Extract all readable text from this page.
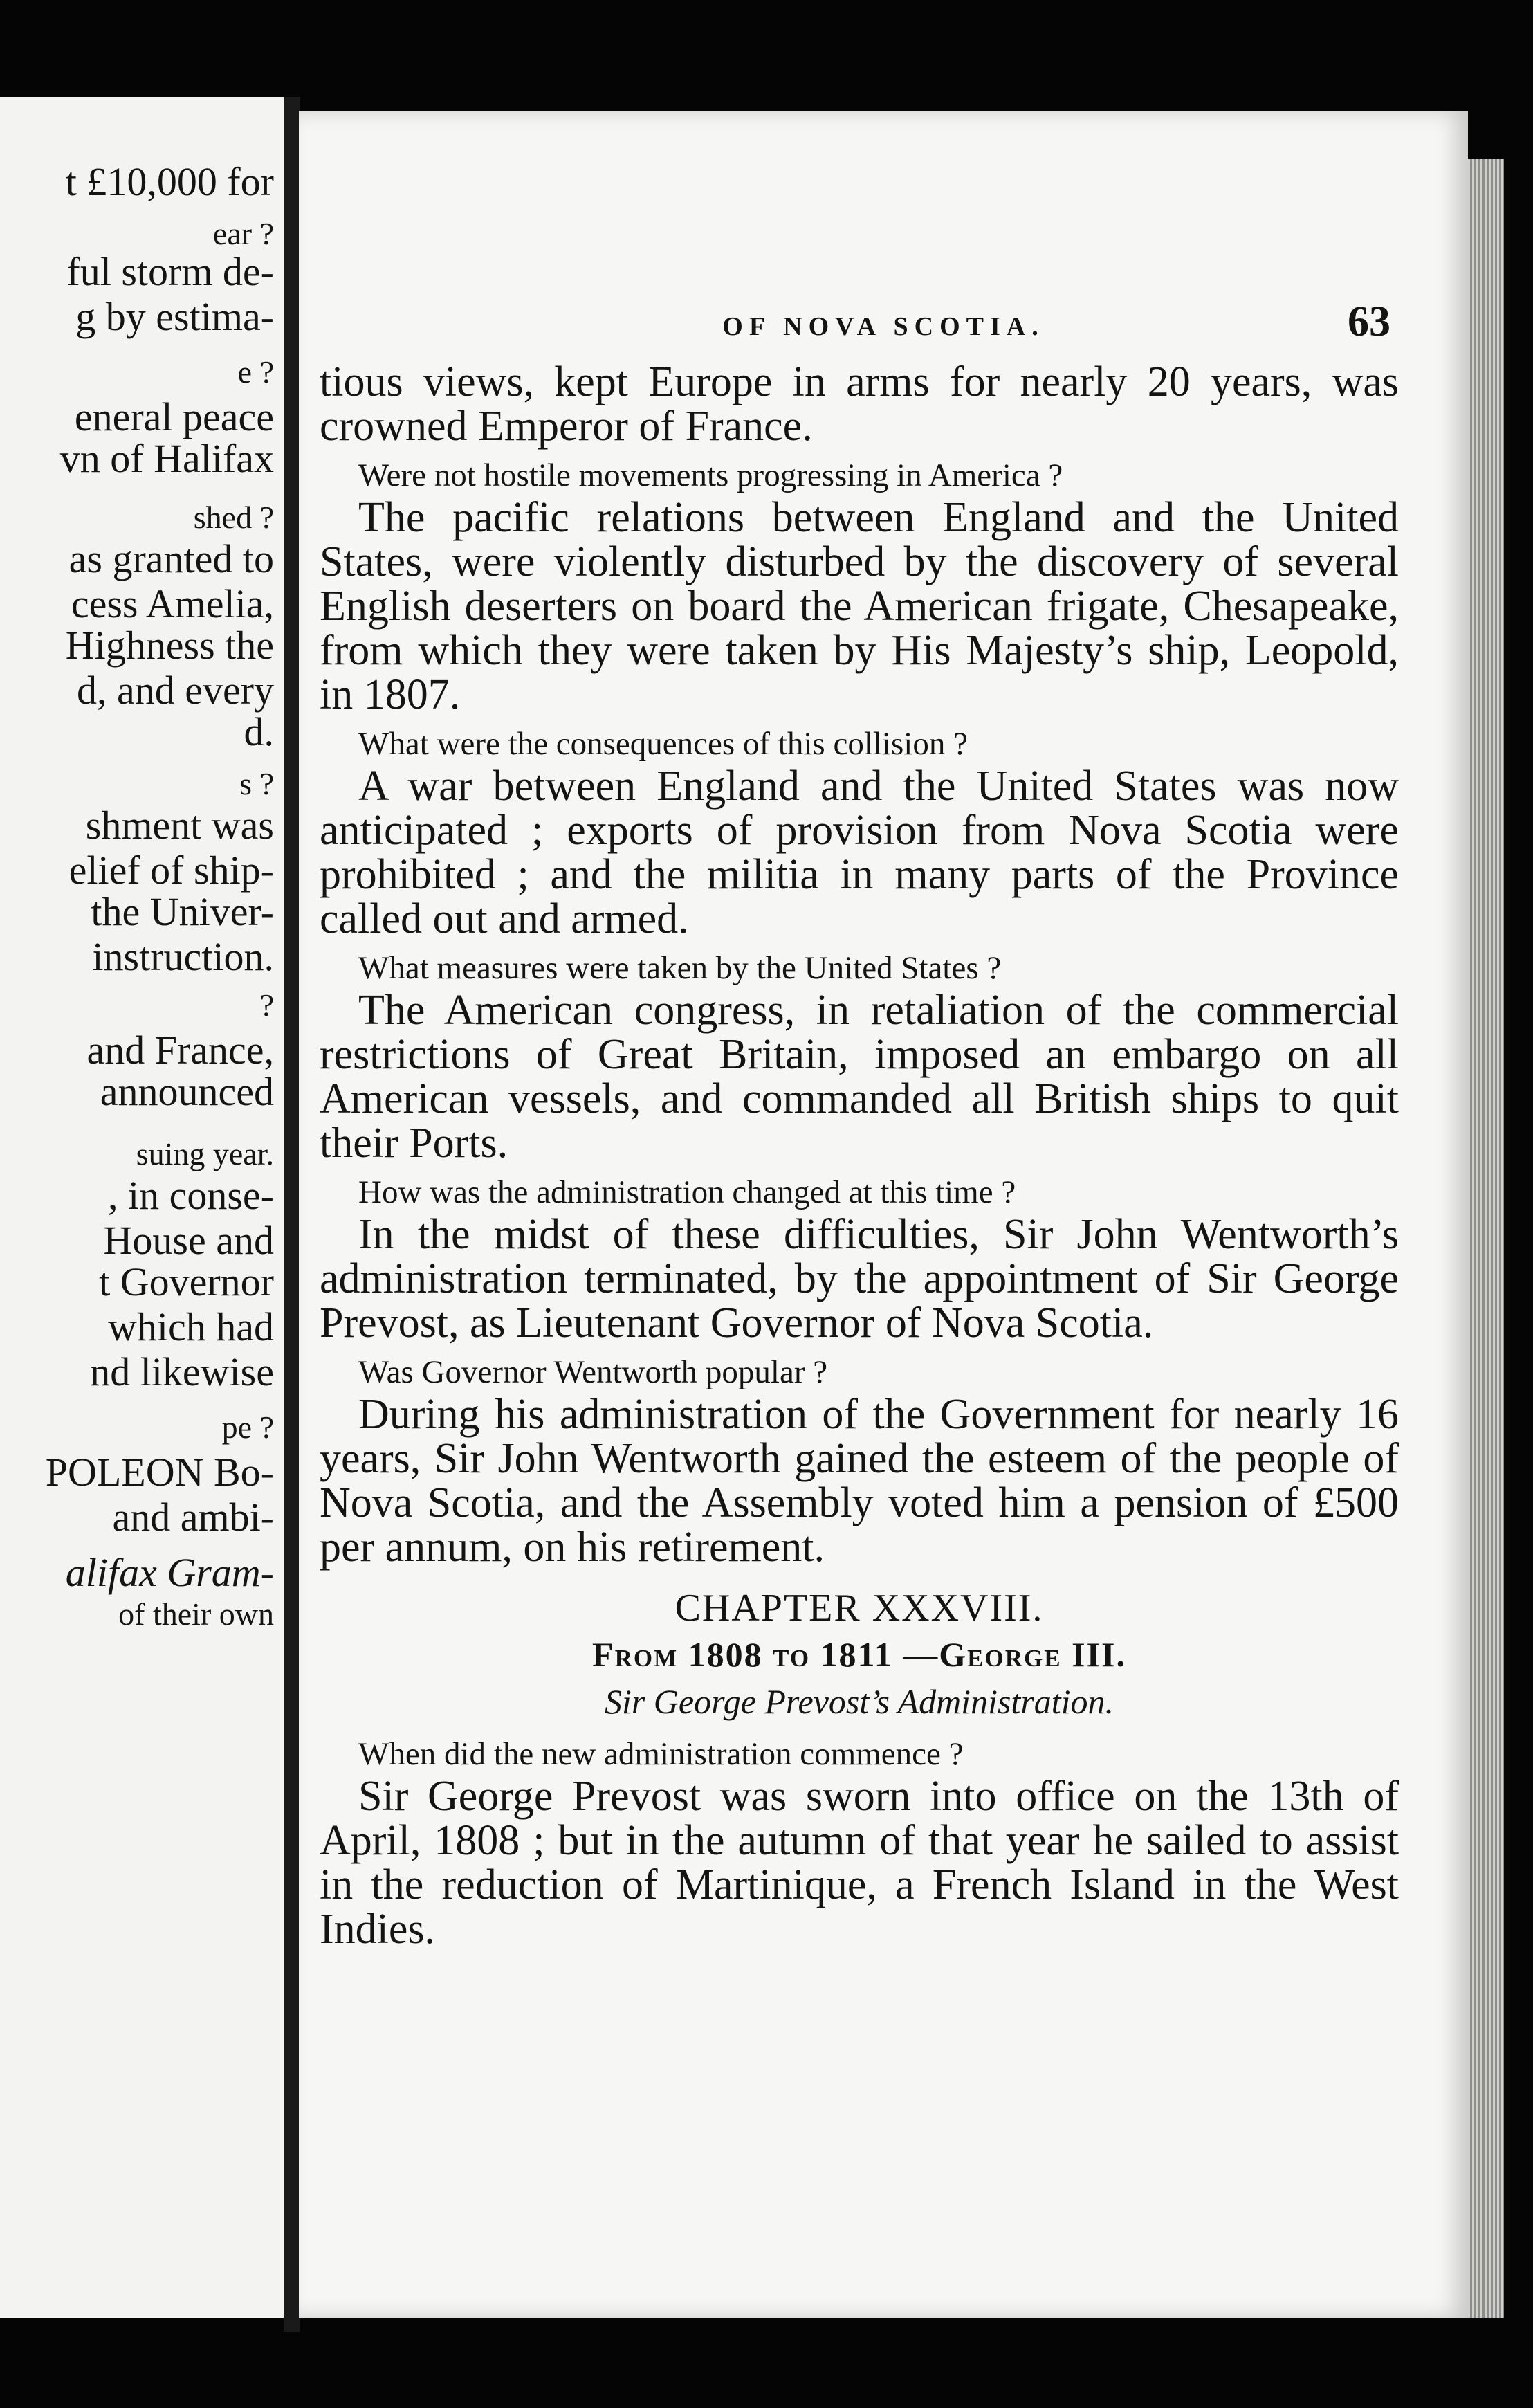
t £10,000 for
ear ?
ful storm de-
g by estima-
e ?
eneral peace
vn of Halifax
shed ?
as granted to
cess Amelia,
Highness the
d, and every
d.
s ?
shment was
elief of ship-
the Univer-
instruction.
?
and France,
announced
suing year.
, in conse-
House and
t Governor
which had
nd likewise
pe ?
POLEON Bo-
and ambi-
alifax Gram-
of their own
OF NOVA SCOTIA.	63

tious views, kept Europe in arms for nearly 20 years, was crowned Emperor of France.

Were not hostile movements progressing in America ?

The pacific relations between England and the United States, were violently disturbed by the discovery of several English deserters on board the American frigate, Chesapeake, from which they were taken by His Majesty’s ship, Leopold, in 1807.

What were the consequences of this collision ?

A war between England and the United States was now anticipated ; exports of provision from Nova Scotia were prohibited ; and the militia in many parts of the Province called out and armed.

What measures were taken by the United States ?

The American congress, in retaliation of the commercial restrictions of Great Britain, imposed an embargo on all American vessels, and commanded all British ships to quit their Ports.

How was the administration changed at this time ?

In the midst of these difficulties, Sir John Wentworth’s administration terminated, by the appointment of Sir George Prevost, as Lieutenant Governor of Nova Scotia.

Was Governor Wentworth popular ?

During his administration of the Government for nearly 16 years, Sir John Wentworth gained the esteem of the people of Nova Scotia, and the Assembly voted him a pension of £500 per annum, on his retirement.

CHAPTER XXXVIII.

From 1808 to 1811 —George III.

Sir George Prevost’s Administration.

When did the new administration commence ?

Sir George Prevost was sworn into office on the 13th of April, 1808 ; but in the autumn of that year he sailed to assist in the reduction of Martinique, a French Island in the West Indies.
